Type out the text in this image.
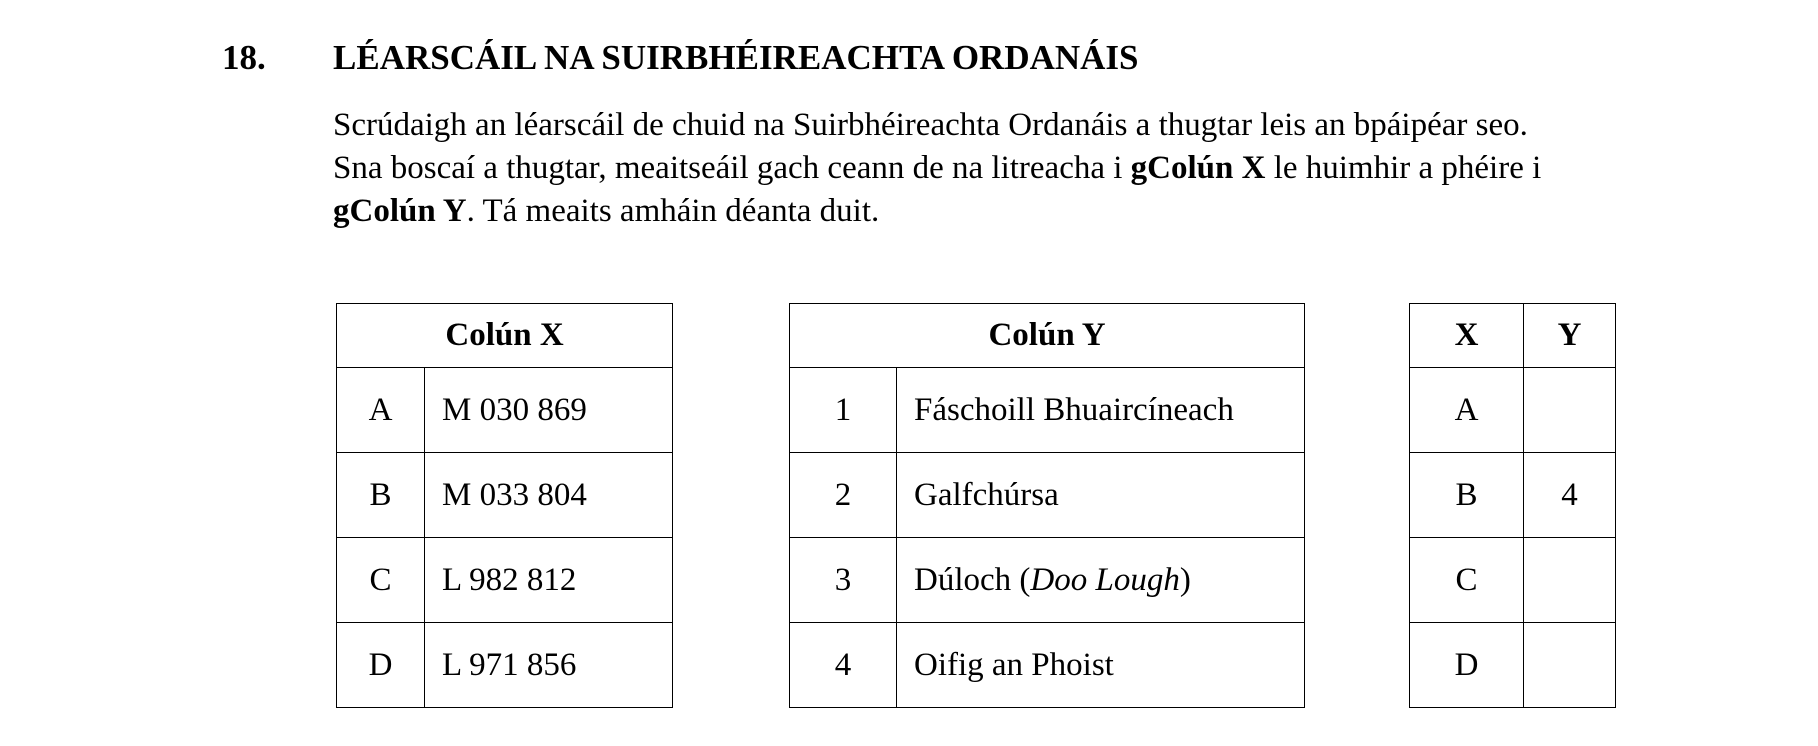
18. LÉARSCÁIL NA SUIRBHÉIREACHTA ORDANÁIS
Scrúdaigh an léarscáil de chuid na Suirbhéireachta Ordanáis a thugtar leis an bpáipéar seo.
Sna boscaí a thugtar, meaitseáil gach ceann de na litreacha i gColún X le huimhir a phéire i
gColún Y. Tá meaits amháin déanta duit.
Colún X	
A	M 030 869
B	M 033 804
C	L 982 812
D	L 971 856
Colún Y	
1	Fáschoill Bhuaircíneach
2	Galfchúrsa
3	Dúloch (Doo Lough)
4	Oifig an Phoist
X	Y
A	
B	4
C	
D	
